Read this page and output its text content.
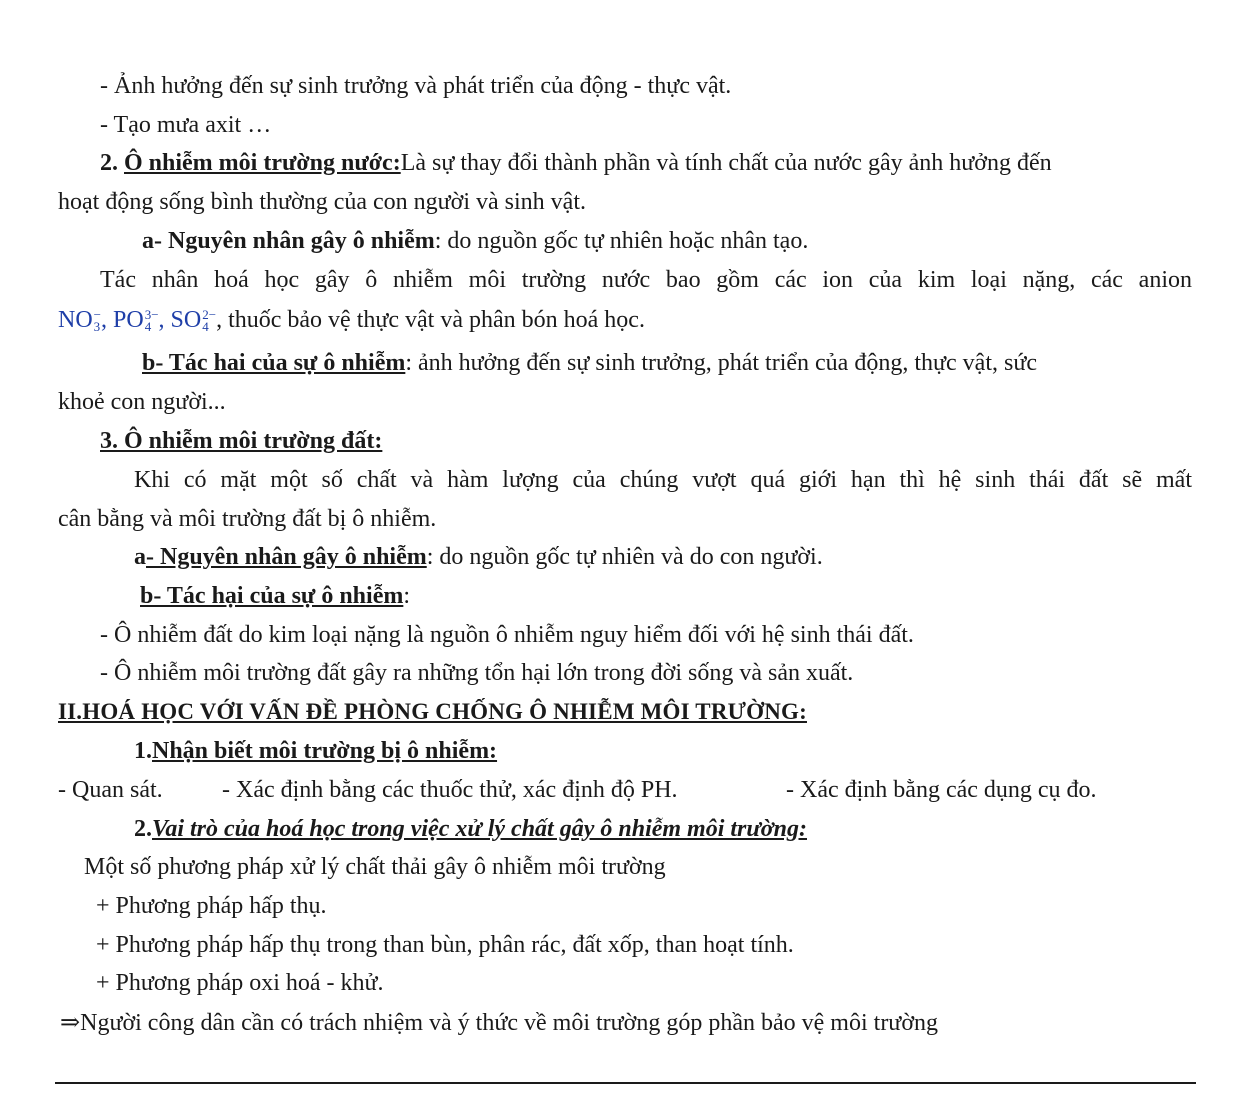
- Ảnh hưởng đến sự sinh trưởng và phát triển của động - thực vật.
- Tạo mưa axit …
2. Ô nhiễm môi trường nước:Là sự thay đổi thành phần và tính chất của nước gây ảnh hưởng đến
hoạt động sống bình thường của con người và sinh vật.
a- Nguyên nhân gây ô nhiễm: do nguồn gốc tự nhiên hoặc nhân tạo.
Tác nhân hoá học gây ô nhiễm môi trường nước bao gồm các ion của kim loại nặng, các anion
NO −
3 , PO 3−
4 , SO 2−
4 , thuốc bảo vệ thực vật và phân bón hoá học.
b- Tác hai của sự ô nhiễm: ảnh hưởng đến sự sinh trưởng, phát triển của động, thực vật, sức
khoẻ con người...
3. Ô nhiễm môi trường đất:
Khi có mặt một số chất và hàm lượng của chúng vượt quá giới hạn thì hệ sinh thái đất sẽ mất
cân bằng và môi trường đất bị ô nhiễm.
a- Nguyên nhân gây ô nhiễm: do nguồn gốc tự nhiên và do con người.
b- Tác hại của sự ô nhiễm:
- Ô nhiễm đất do kim loại nặng là nguồn ô nhiễm nguy hiểm đối với hệ sinh thái đất.
- Ô nhiễm môi trường đất gây ra những tổn hại lớn trong đời sống và sản xuất.
II.HOÁ HỌC VỚI VẤN ĐỀ PHÒNG CHỐNG Ô NHIỄM MÔI TRƯỜNG:
1.Nhận biết môi trường bị ô nhiễm:
- Quan sát. - Xác định bằng các thuốc thử, xác định độ PH.	- Xác định bằng các dụng cụ đo.
2.Vai trò của hoá học trong việc xử lý chất gây ô nhiễm môi trường:
Một số phương pháp xử lý chất thải gây ô nhiễm môi trường
+ Phương pháp hấp thụ.
+ Phương pháp hấp thụ trong than bùn, phân rác, đất xốp, than hoạt tính.
+ Phương pháp oxi hoá - khử.
⇒Người công dân cần có trách nhiệm và ý thức về môi trường góp phần bảo vệ môi trường
